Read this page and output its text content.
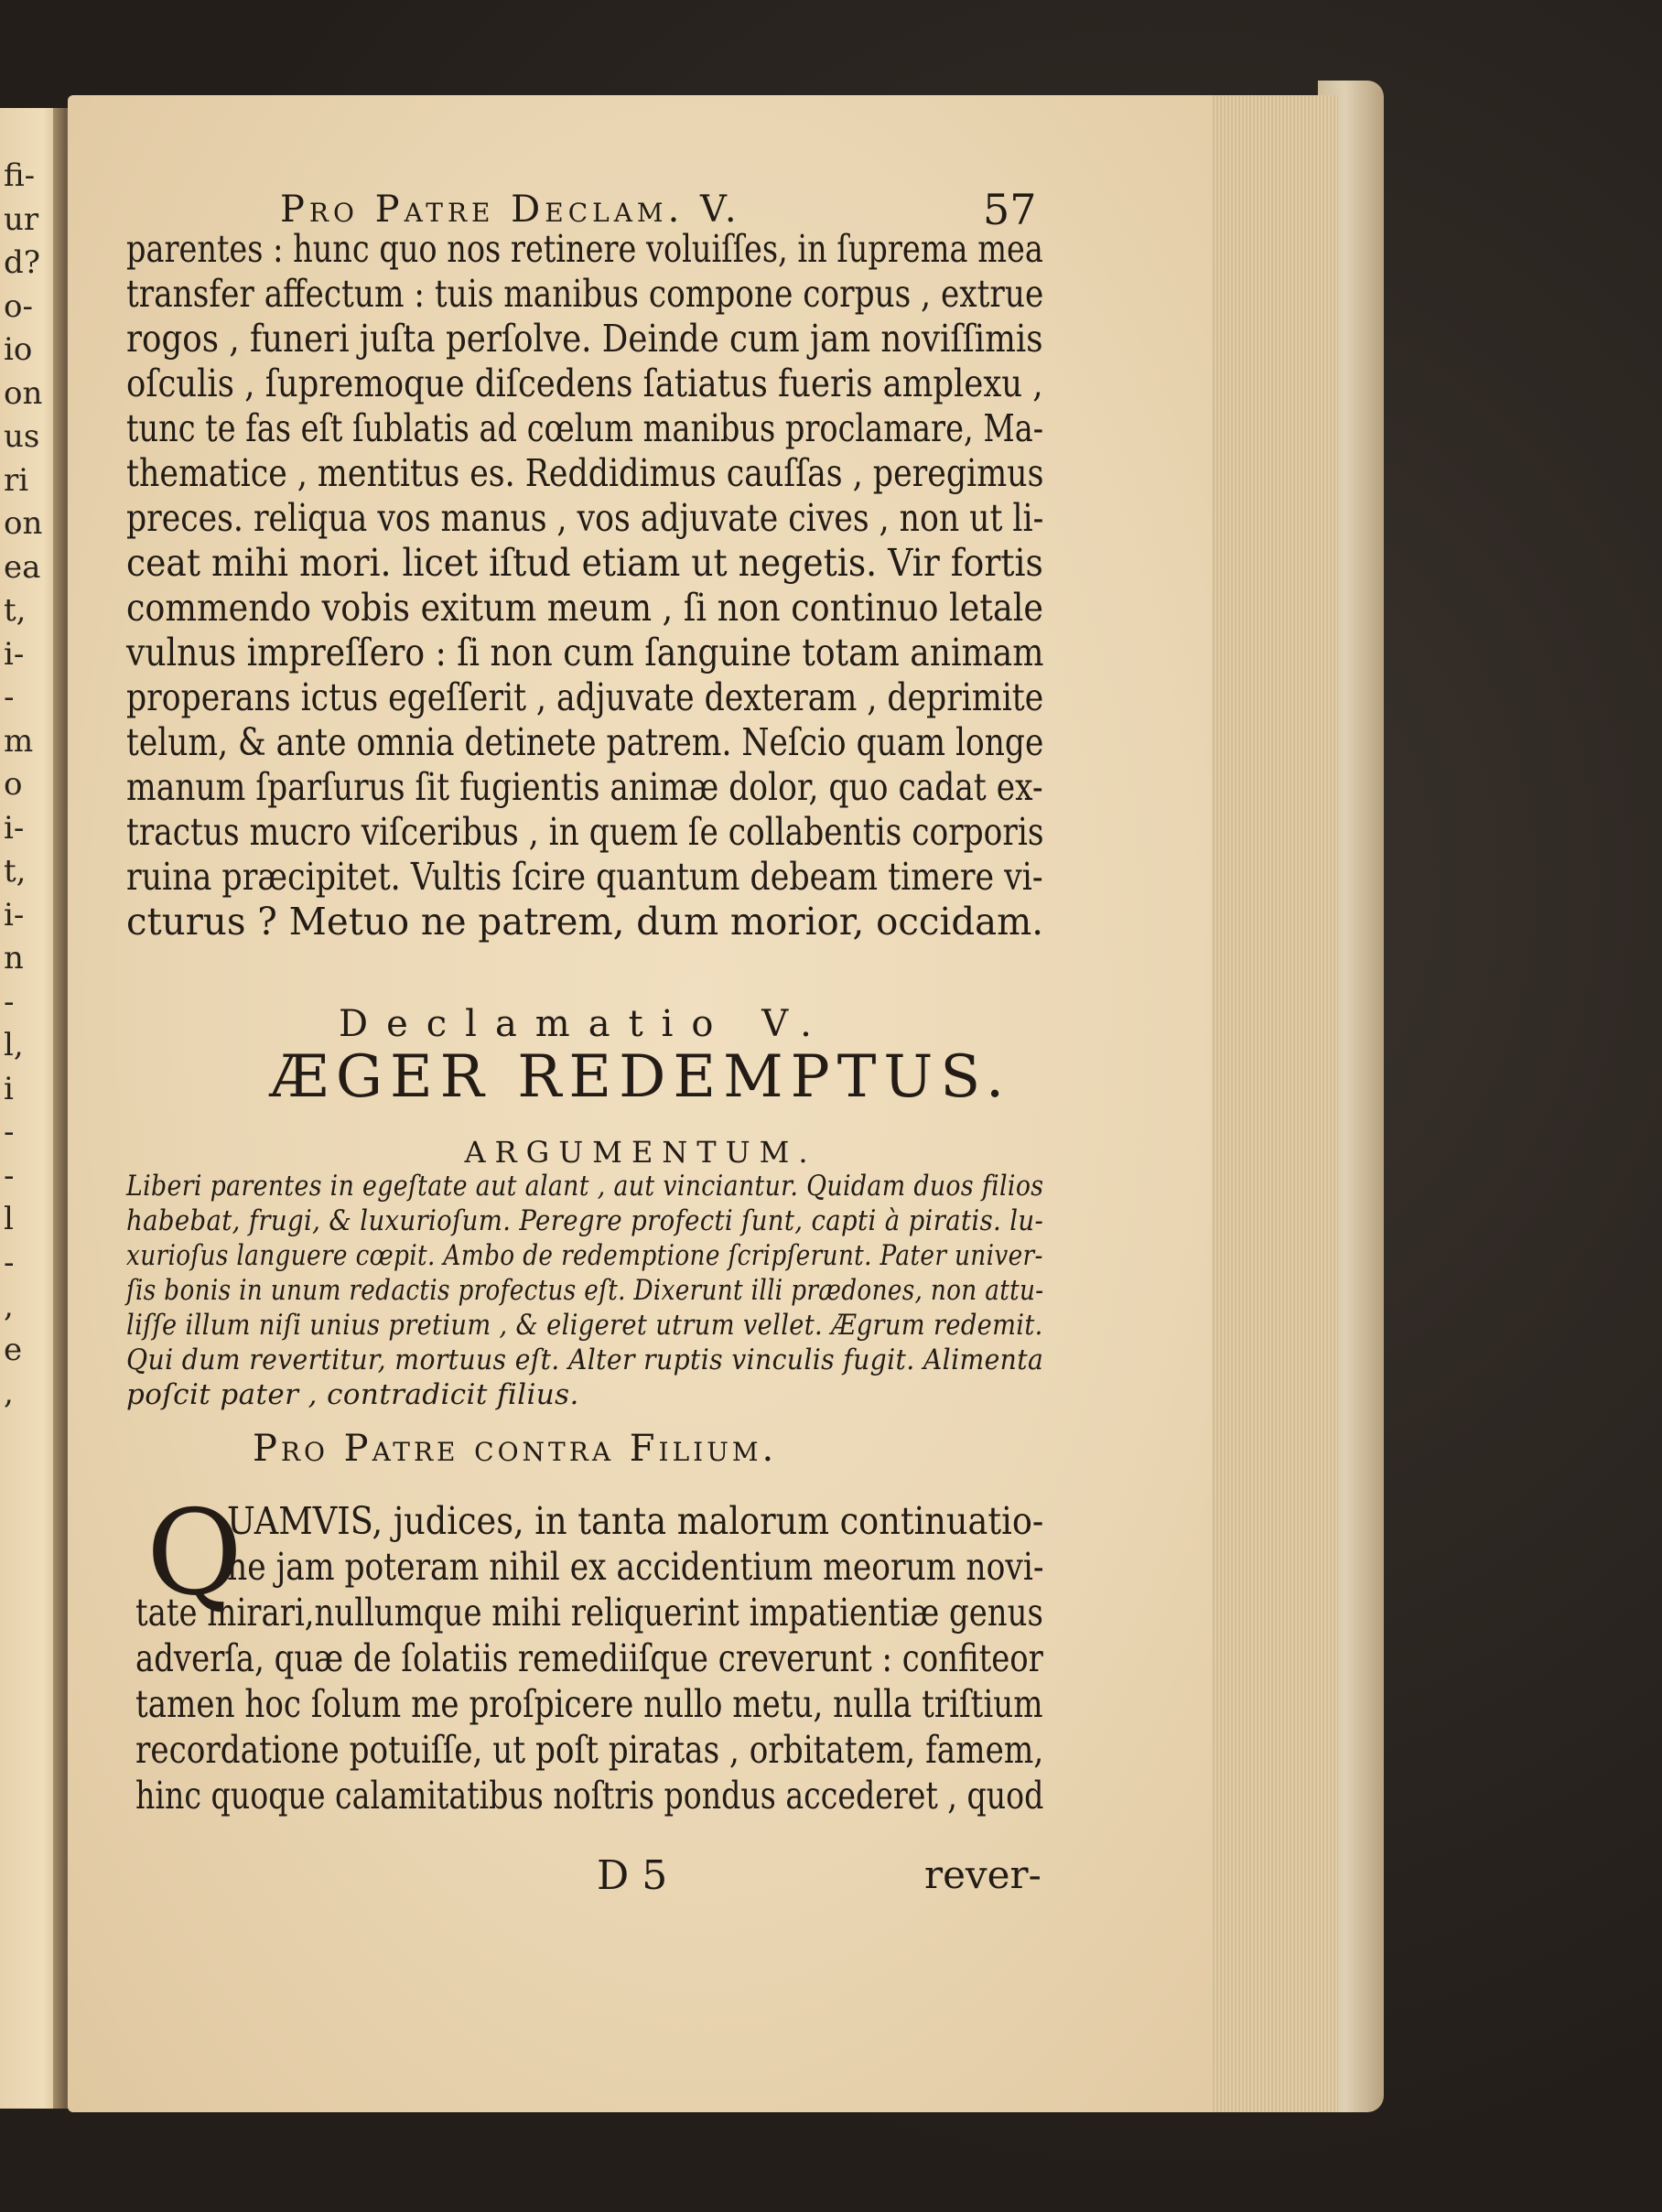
fi-
ur
d?
o-
io
on
us
ri
on
ea
t,
i-
-
m
o
i-
t,
i-
n
-
l,
i
-
-
l
-
,
e
,

Pro Patre Declam. V.	57

parentes : hunc quo nos retinere voluiſſes, in ſuprema mea

transfer affectum : tuis manibus compone corpus , extrue

rogos , funeri juſta perſolve. Deinde cum jam noviſſimis

oſculis , ſupremoque diſcedens ſatiatus fueris amplexu ,

tunc te fas eſt ſublatis ad cœlum manibus proclamare, Ma-

thematice , mentitus es. Reddidimus cauſſas , peregimus

preces. reliqua vos manus , vos adjuvate cives , non ut li-

ceat mihi mori. licet iſtud etiam ut negetis. Vir fortis

commendo vobis exitum meum , ſi non continuo letale

vulnus impreſſero : ſi non cum ſanguine totam animam

properans ictus egeſſerit , adjuvate dexteram , deprimite

telum, & ante omnia detinete patrem. Neſcio quam longe

manum ſparſurus ſit fugientis animæ dolor, quo cadat ex-

tractus mucro viſceribus , in quem ſe collabentis corporis

ruina præcipitet. Vultis ſcire quantum debeam timere vi-

cturus ? Metuo ne patrem, dum morior, occidam.

Declamatio V.

ÆGER REDEMPTUS.

ARGUMENTUM.

Liberi parentes in egeſtate aut alant , aut vinciantur. Quidam duos filios

habebat, frugi, & luxurioſum. Peregre profecti ſunt, capti à piratis. lu-

xurioſus languere cœpit. Ambo de redemptione ſcripſerunt. Pater univer-

ſis bonis in unum redactis profectus eſt. Dixerunt illi prædones, non attu-

liſſe illum niſi unius pretium , & eligeret utrum vellet. Ægrum redemit.

Qui dum revertitur, mortuus eſt. Alter ruptis vinculis fugit. Alimenta

poſcit pater , contradicit filius.

Pro Patre contra Filium.

Q

UAMVIS, judices, in tanta malorum continuatio-

ne jam poteram nihil ex accidentium meorum novi-

tate mirari,nullumque mihi reliquerint impatientiæ genus

adverſa, quæ de ſolatiis remediiſque creverunt : confiteor

tamen hoc ſolum me proſpicere nullo metu, nulla triſtium

recordatione potuiſſe, ut poſt piratas , orbitatem, famem,

hinc quoque calamitatibus noſtris pondus accederet , quod

D 5	rever-
